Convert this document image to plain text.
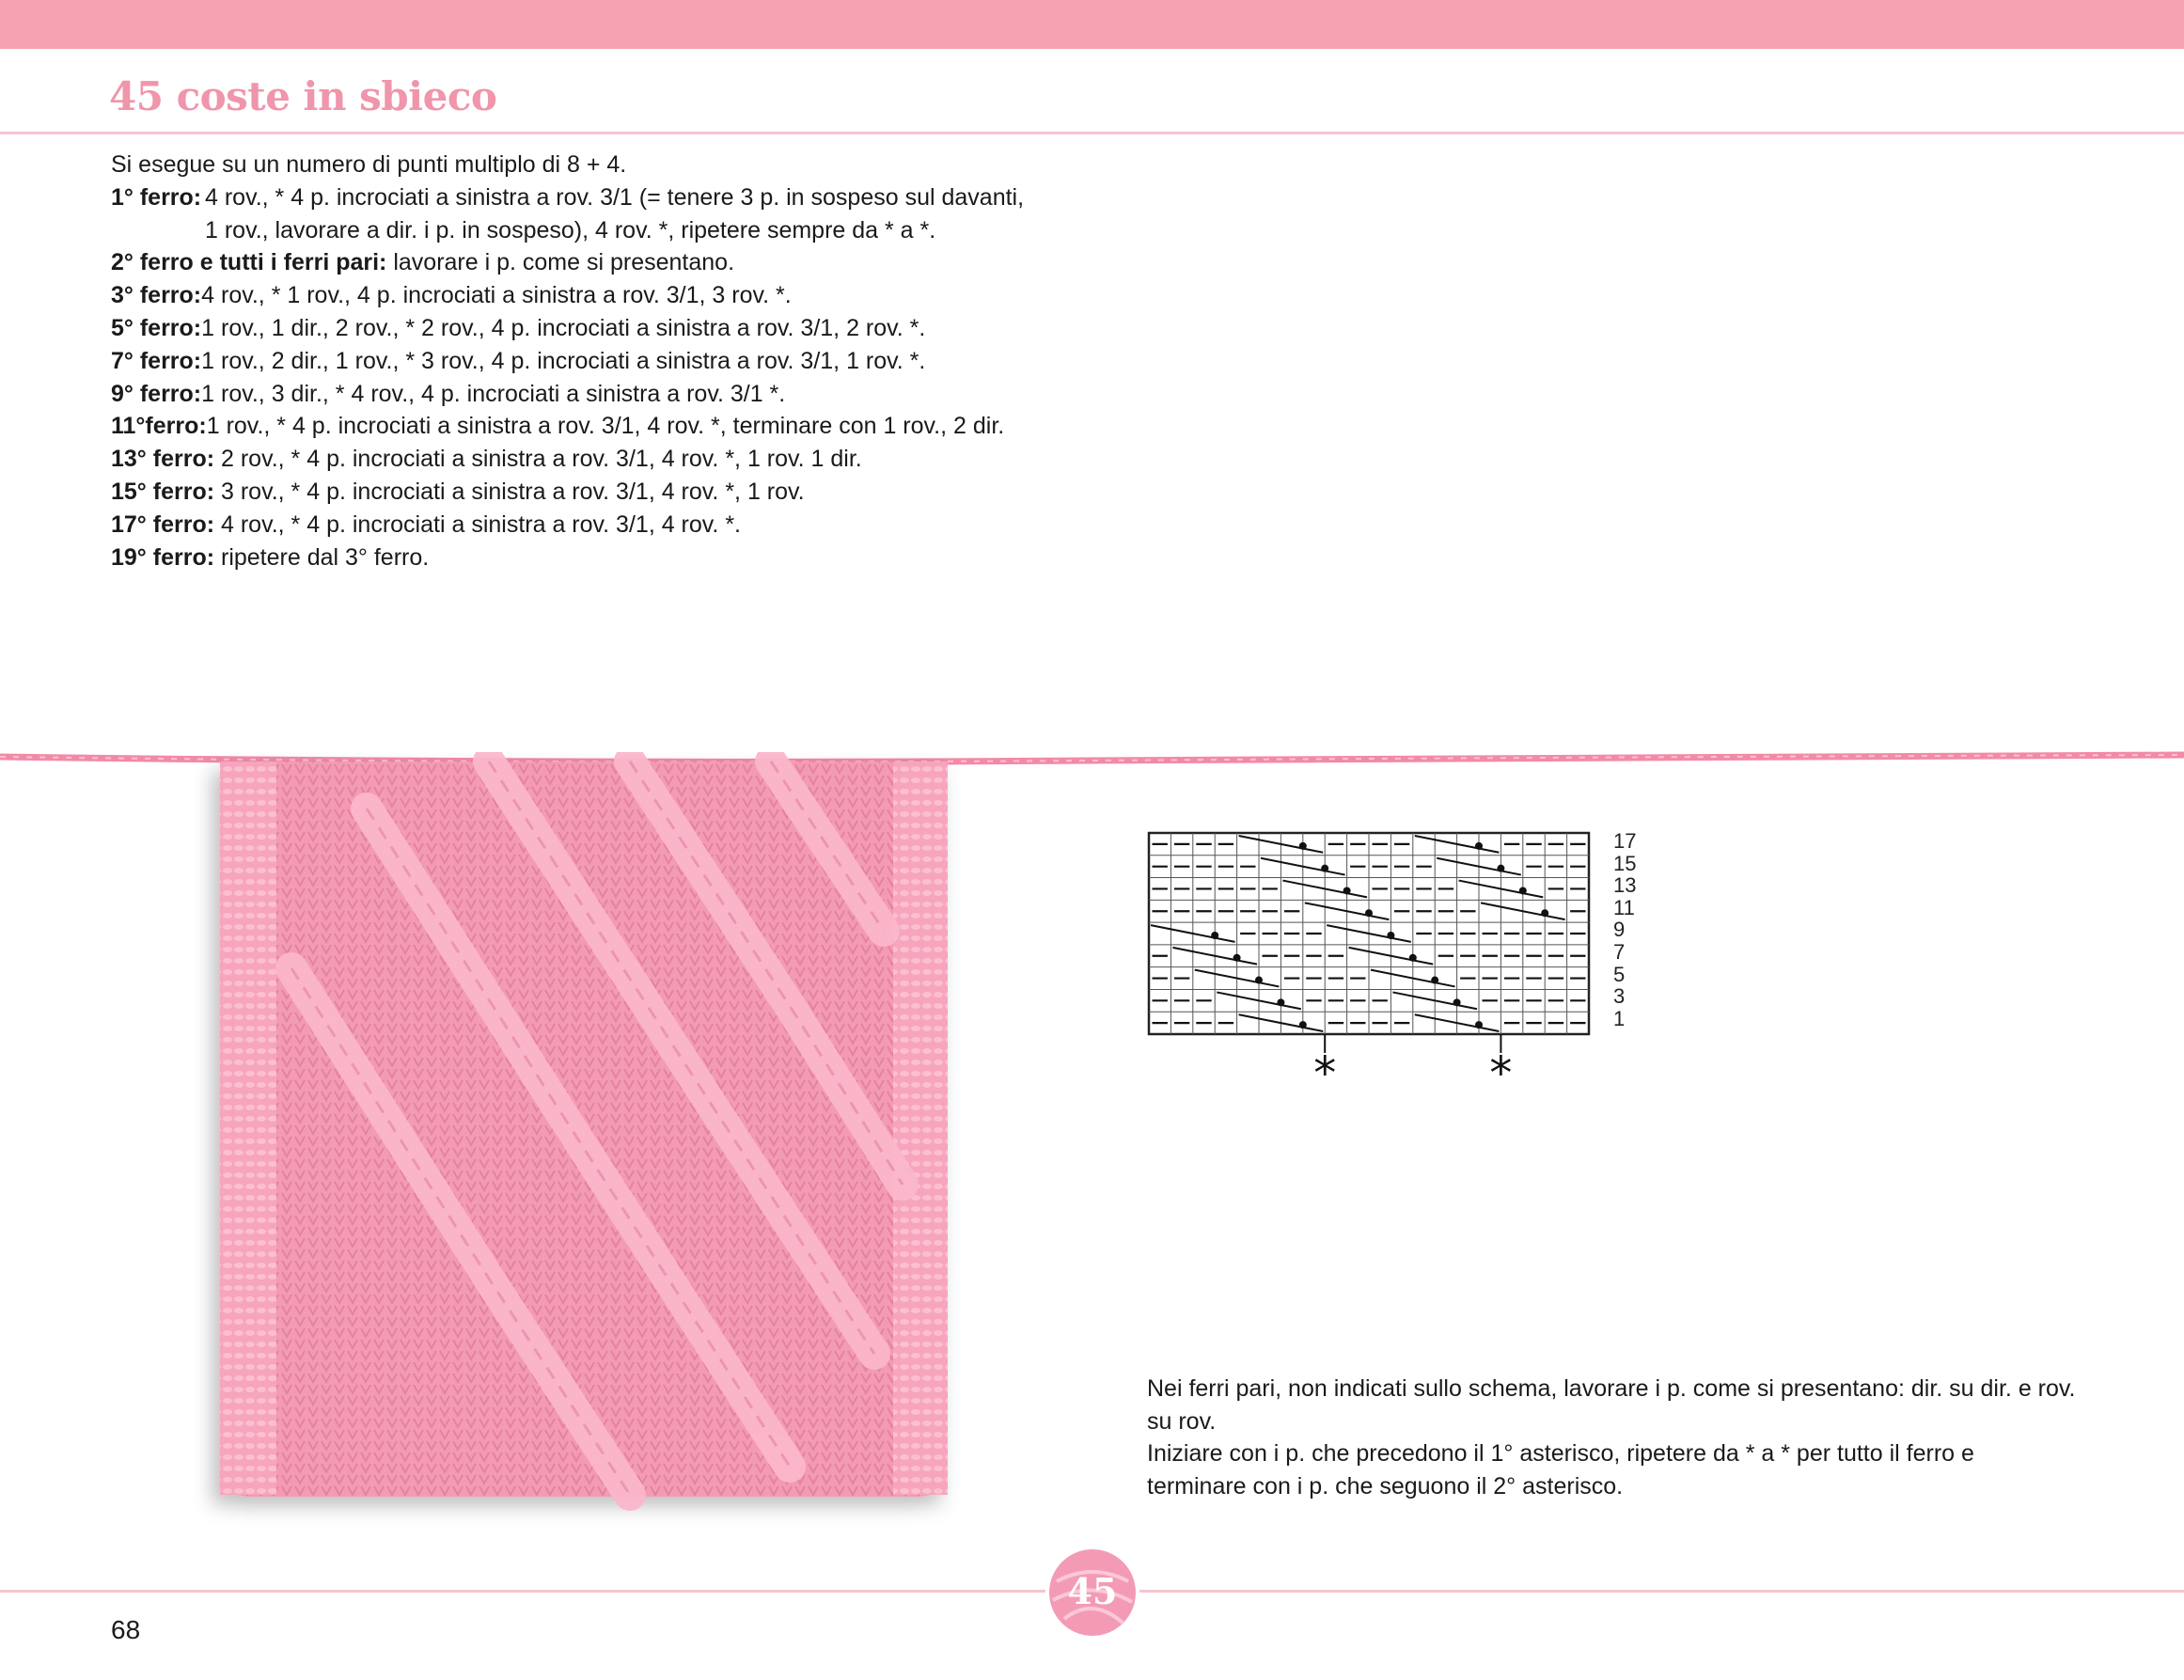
45 coste in sbieco
Si esegue su un numero di punti multiplo di 8 + 4.
1° ferro: 4 rov., * 4 p. incrociati a sinistra a rov. 3/1 (= tenere 3 p. in sospeso sul davanti,
1 rov., lavorare a dir. i p. in sospeso), 4 rov. *, ripetere sempre da * a *.
2° ferro e tutti i ferri pari: lavorare i p. come si presentano.
3° ferro:4 rov., * 1 rov., 4 p. incrociati a sinistra a rov. 3/1, 3 rov. *.
5° ferro:1 rov., 1 dir., 2 rov., * 2 rov., 4 p. incrociati a sinistra a rov. 3/1, 2 rov. *.
7° ferro:1 rov., 2 dir., 1 rov., * 3 rov., 4 p. incrociati a sinistra a rov. 3/1, 1 rov. *.
9° ferro:1 rov., 3 dir., * 4 rov., 4 p. incrociati a sinistra a rov. 3/1 *.
11°ferro:1 rov., * 4 p. incrociati a sinistra a rov. 3/1, 4 rov. *, terminare con 1 rov., 2 dir.
13° ferro: 2 rov., * 4 p. incrociati a sinistra a rov. 3/1, 4 rov. *, 1 rov. 1 dir.
15° ferro: 3 rov., * 4 p. incrociati a sinistra a rov. 3/1, 4 rov. *, 1 rov.
17° ferro: 4 rov., * 4 p. incrociati a sinistra a rov. 3/1, 4 rov. *.
19° ferro: ripetere dal 3° ferro.
*	*
17
15
13
11
9
7
5
3
1

Nei ferri pari, non indicati sullo schema, lavorare i p. come si presentano: dir. su dir. e rov. su rov.

Iniziare con i p. che precedono il 1° asterisco, ripetere da * a * per tutto il ferro e terminare con i p. che seguono il 2° asterisco.

45
68
